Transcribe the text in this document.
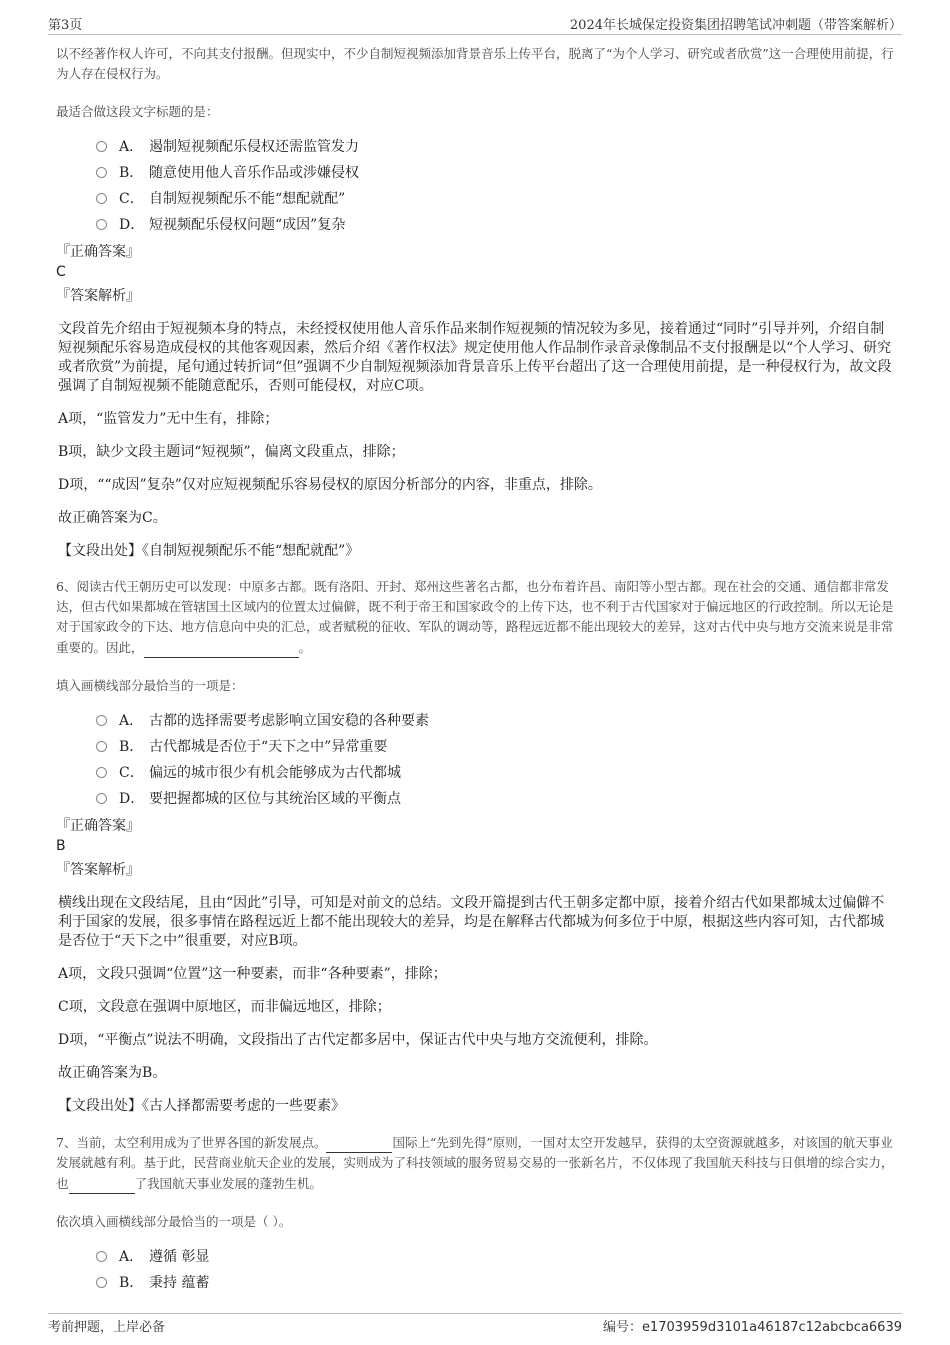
第3页	2024年长城保定投资集团招聘笔试冲刺题（带答案解析）

以不经著作权人许可，不向其支付报酬。但现实中，不少自制短视频添加背景音乐上传平台，脱离了“为个人学习、研究或者欣赏”这一合理使用前提，行为人存在侵权行为。

最适合做这段文字标题的是：
A． 遏制短视频配乐侵权还需监管发力
B． 随意使用他人音乐作品或涉嫌侵权
C． 自制短视频配乐不能“想配就配”
D． 短视频配乐侵权问题“成因”复杂
『正确答案』
C
『答案解析』

文段首先介绍由于短视频本身的特点，未经授权使用他人音乐作品来制作短视频的情况较为多见，接着通过“同时”引导并列，介绍自制短视频配乐容易造成侵权的其他客观因素，然后介绍《著作权法》规定使用他人作品制作录音录像制品不支付报酬是以“个人学习、研究或者欣赏”为前提，尾句通过转折词“但”强调不少自制短视频添加背景音乐上传平台超出了这一合理使用前提，是一种侵权行为，故文段强调了自制短视频不能随意配乐，否则可能侵权，对应C项。

A项，“监管发力”无中生有，排除；

B项，缺少文段主题词“短视频”，偏离文段重点，排除；

D项，““成因”复杂”仅对应短视频配乐容易侵权的原因分析部分的内容，非重点，排除。

故正确答案为C。

【文段出处】《自制短视频配乐不能“想配就配”》

6、阅读古代王朝历史可以发现：中原多古都。既有洛阳、开封、郑州这些著名古都，也分布着许昌、南阳等小型古都。现在社会的交通、通信都非常发达，但古代如果都城在管辖国土区域内的位置太过偏僻，既不利于帝王和国家政令的上传下达，也不利于古代国家对于偏远地区的行政控制。所以无论是对于国家政令的下达、地方信息向中央的汇总，或者赋税的征收、军队的调动等，路程远近都不能出现较大的差异，这对古代中央与地方交流来说是非常重要的。因此，	。

填入画横线部分最恰当的一项是：
A． 古都的选择需要考虑影响立国安稳的各种要素
B． 古代都城是否位于“天下之中”异常重要
C． 偏远的城市很少有机会能够成为古代都城
D． 要把握都城的区位与其统治区域的平衡点
『正确答案』
B
『答案解析』

横线出现在文段结尾，且由“因此”引导，可知是对前文的总结。文段开篇提到古代王朝多定都中原，接着介绍古代如果都城太过偏僻不利于国家的发展，很多事情在路程远近上都不能出现较大的差异，均是在解释古代都城为何多位于中原，根据这些内容可知，古代都城是否位于“天下之中”很重要，对应B项。

A项，文段只强调“位置”这一种要素，而非“各种要素”，排除；

C项，文段意在强调中原地区，而非偏远地区，排除；

D项，“平衡点”说法不明确，文段指出了古代定都多居中，保证古代中央与地方交流便利，排除。

故正确答案为B。

【文段出处】《古人择都需要考虑的一些要素》

7、当前，太空利用成为了世界各国的新发展点。	国际上“先到先得”原则，一国对太空开发越早，获得的太空资源就越多，对该国的航天事业发展就越有利。基于此，民营商业航天企业的发展，实则成为了科技领域的服务贸易交易的一张新名片，不仅体现了我国航天科技与日俱增的综合实力，也	了我国航天事业发展的蓬勃生机。

依次填入画横线部分最恰当的一项是（ ）。
A． 遵循 彰显
B． 秉持 蕴蓄
考前押题，上岸必备	编号：e1703959d3101a46187c12abcbca6639
